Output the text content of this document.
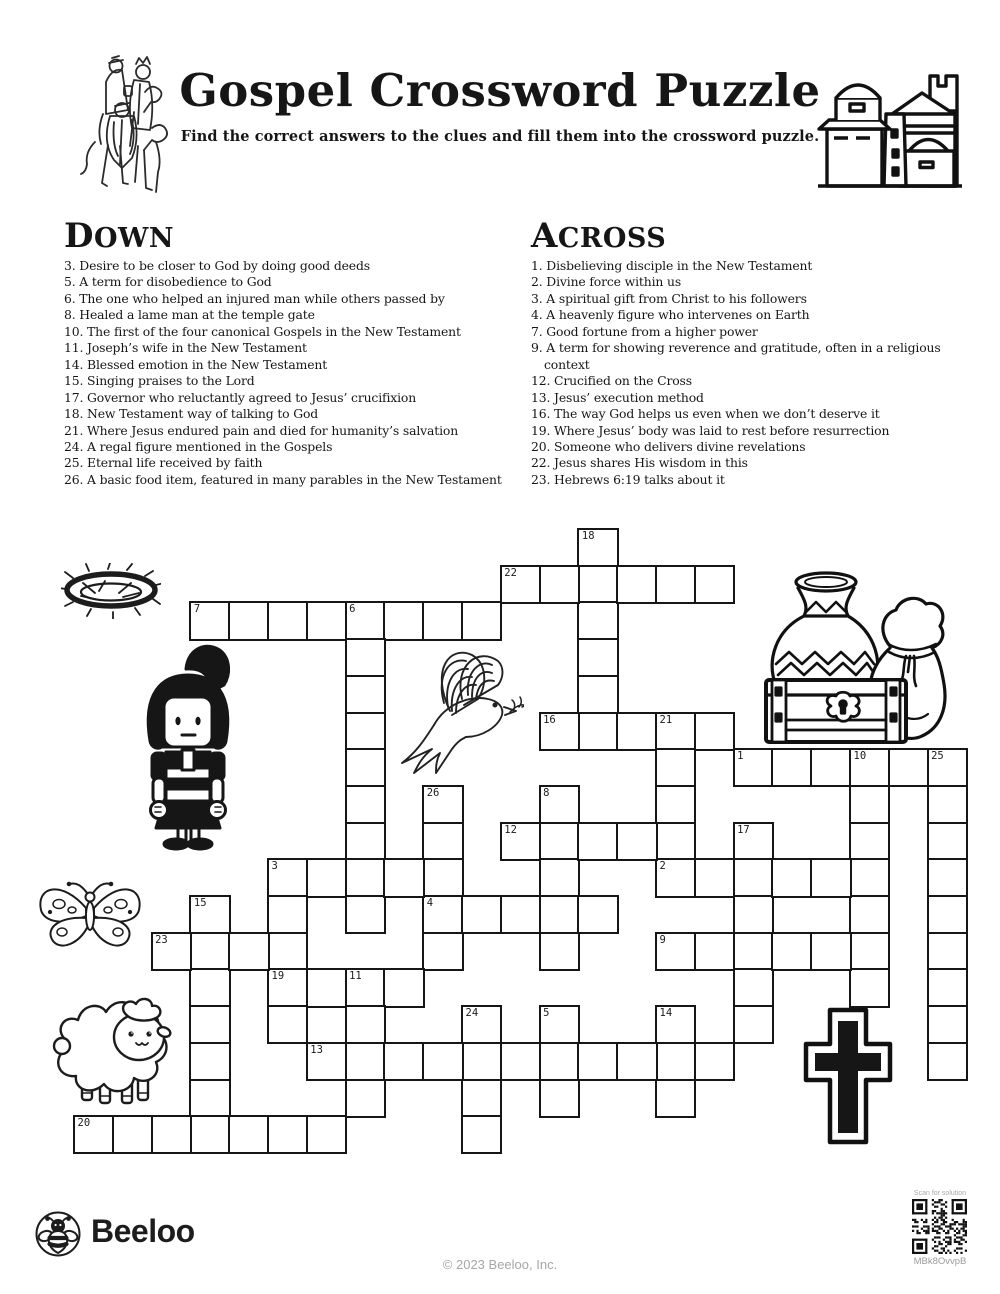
Gospel Crossword Puzzle
Find the correct answers to the clues and fill them into the crossword puzzle.
DOWN
3. Desire to be closer to God by doing good deeds
5. A term for disobedience to God
6. The one who helped an injured man while others passed by
8. Healed a lame man at the temple gate
10. The first of the four canonical Gospels in the New Testament
11. Joseph’s wife in the New Testament
14. Blessed emotion in the New Testament
15. Singing praises to the Lord
17. Governor who reluctantly agreed to Jesus’ crucifixion
18. New Testament way of talking to God
21. Where Jesus endured pain and died for humanity’s salvation
24. A regal figure mentioned in the Gospels
25. Eternal life received by faith
26. A basic food item, featured in many parables in the New Testament
ACROSS
1. Disbelieving disciple in the New Testament
2. Divine force within us
3. A spiritual gift from Christ to his followers
4. A heavenly figure who intervenes on Earth
7. Good fortune from a higher power
9. A term for showing reverence and gratitude, often in a religious context
12. Crucified on the Cross
13. Jesus’ execution method
16. The way God helps us even when we don’t deserve it
19. Where Jesus’ body was laid to rest before resurrection
20. Someone who delivers divine revelations
22. Jesus shares His wisdom in this
23. Hebrews 6:19 talks about it
18
22
7	6
16	21
2
1	10	25
26
4
8
12	17
3
19
15
23	9
11
24	5	14
13
20
Beeloo
© 2023 Beeloo, Inc.
Scan for solution
MBk8OvvpB
